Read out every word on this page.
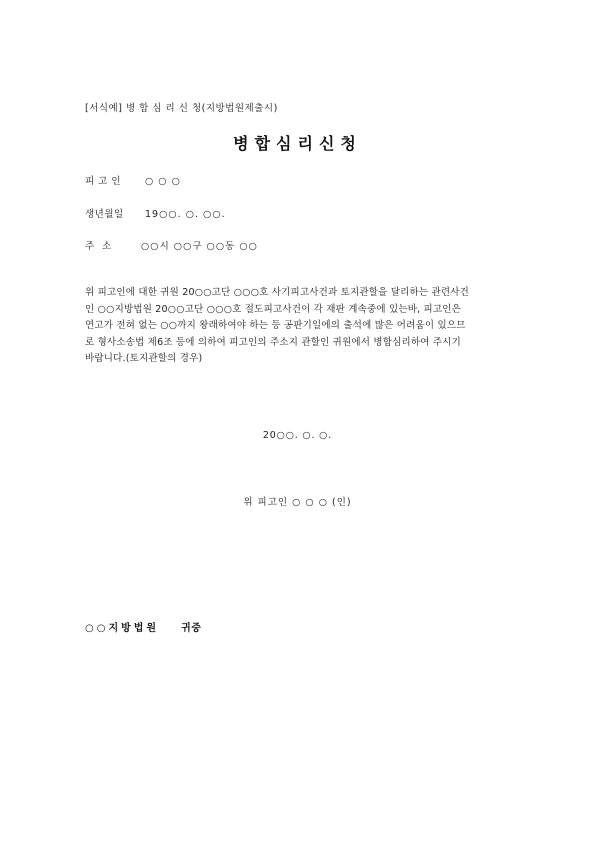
[서식예] 병 합 심 리 신 청(지방법원제출시)
병합심리신청
피고인 ○ ○ ○
생년월일 19○○. ○. ○○.
주소 ○○시 ○○구 ○○동 ○○
위 피고인에 대한 귀원 20○○고단 ○○○호 사기피고사건과 토지관할을 달리하는 관련사건
인 ○○지방법원 20○○고단 ○○○호 절도피고사건이 각 재판 계속중에 있는바, 피고인은
연고가 전혀 없는 ○○까지 왕래하여야 하는 등 공판기일에의 출석에 많은 어려움이 있으므
로 형사소송법 제6조 등에 의하여 피고인의 주소지 관할인 귀원에서 병합심리하여 주시기
바랍니다.(토지관할의 경우)
20○○. ○. ○.
위 피고인 ○ ○ ○ (인)
○○지방법원 귀중
